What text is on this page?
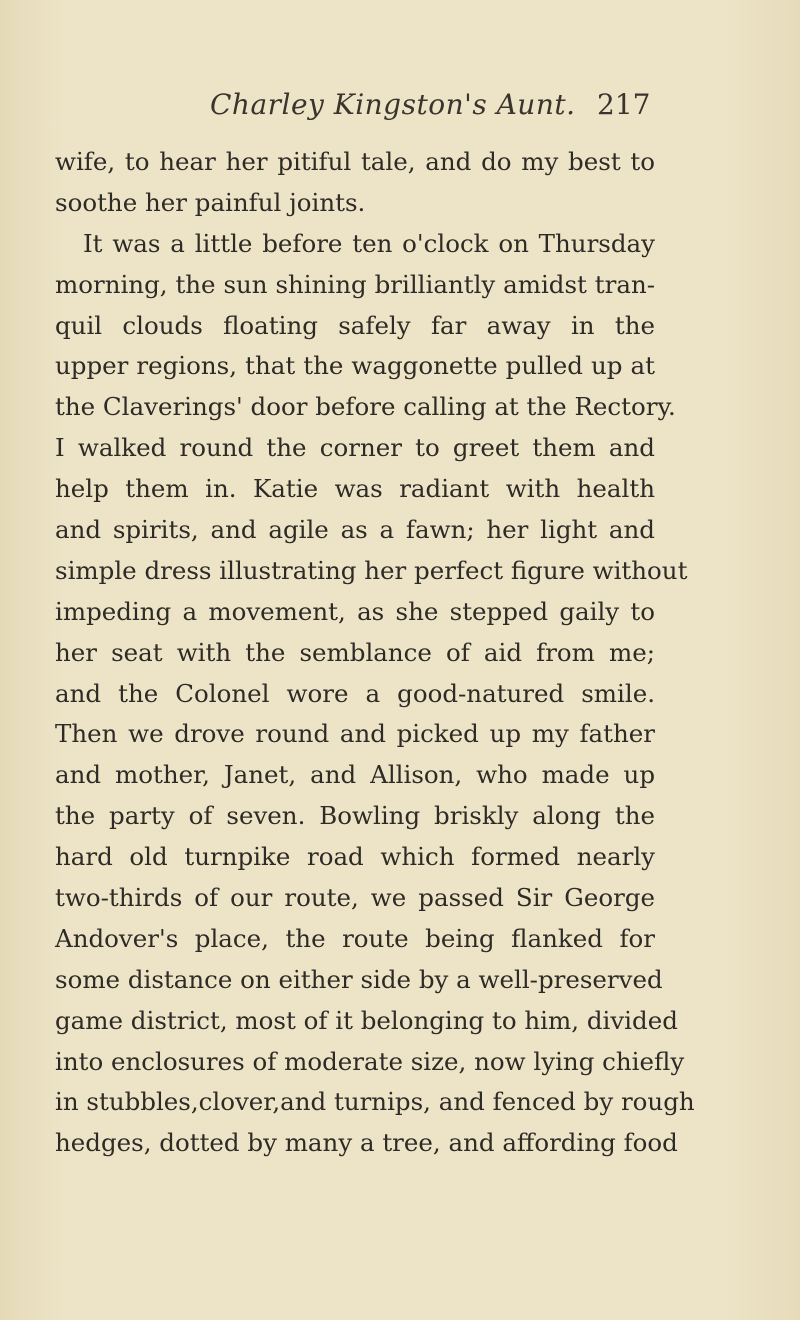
Charley Kingston's Aunt. 217
wife, to hear her pitiful tale, and do my best to
soothe her painful joints.
It was a little before ten o'clock on Thursday
morning, the sun shining brilliantly amidst tran-
quil clouds floating safely far away in the
upper regions, that the waggonette pulled up at
the Claverings' door before calling at the Rectory.
I walked round the corner to greet them and
help them in. Katie was radiant with health
and spirits, and agile as a fawn; her light and
simple dress illustrating her perfect figure without
impeding a movement, as she stepped gaily to
her seat with the semblance of aid from me;
and the Colonel wore a good-natured smile.
Then we drove round and picked up my father
and mother, Janet, and Allison, who made up
the party of seven. Bowling briskly along the
hard old turnpike road which formed nearly
two-thirds of our route, we passed Sir George
Andover's place, the route being flanked for
some distance on either side by a well-preserved
game district, most of it belonging to him, divided
into enclosures of moderate size, now lying chiefly
in stubbles,clover,and turnips, and fenced by rough
hedges, dotted by many a tree, and affording food
